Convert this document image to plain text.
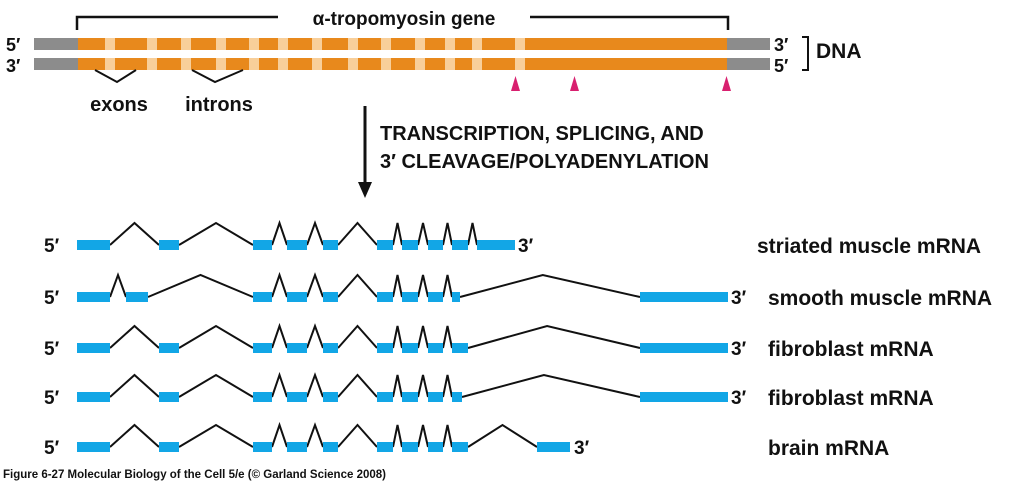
α-tropomyosin gene
5′
3′
3′
5′
DNA
exons introns
TRANSCRIPTION, SPLICING, AND
3′ CLEAVAGE/POLYADENYLATION
5′	3′	striated muscle mRNA
5′	3′ smooth muscle mRNA
5′	3′ fibroblast mRNA
5′	3′ fibroblast mRNA
5′	3′	brain mRNA
Figure 6-27 Molecular Biology of the Cell 5/e (© Garland Science 2008)
